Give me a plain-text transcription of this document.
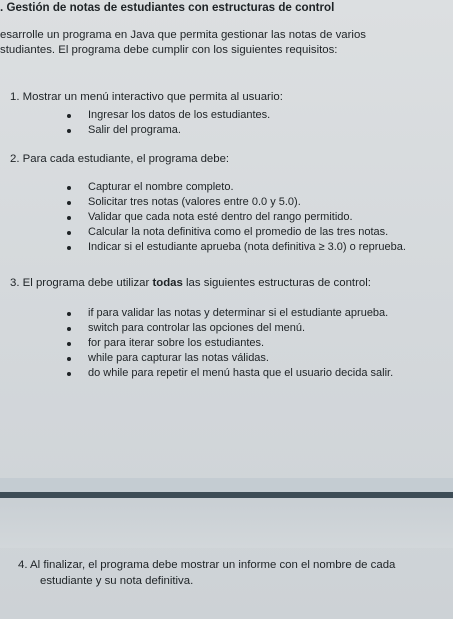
. Gestión de notas de estudiantes con estructuras de control
esarrolle un programa en Java que permita gestionar las notas de varios
studiantes. El programa debe cumplir con los siguientes requisitos:
1. Mostrar un menú interactivo que permita al usuario:
Ingresar los datos de los estudiantes.
Salir del programa.
2. Para cada estudiante, el programa debe:
Capturar el nombre completo.
Solicitar tres notas (valores entre 0.0 y 5.0).
Validar que cada nota esté dentro del rango permitido.
Calcular la nota definitiva como el promedio de las tres notas.
Indicar si el estudiante aprueba (nota definitiva ≥ 3.0) o reprueba.
3. El programa debe utilizar todas las siguientes estructuras de control:
if para validar las notas y determinar si el estudiante aprueba.
switch para controlar las opciones del menú.
for para iterar sobre los estudiantes.
while para capturar las notas válidas.
do while para repetir el menú hasta que el usuario decida salir.
4. Al finalizar, el programa debe mostrar un informe con el nombre de cada
estudiante y su nota definitiva.
